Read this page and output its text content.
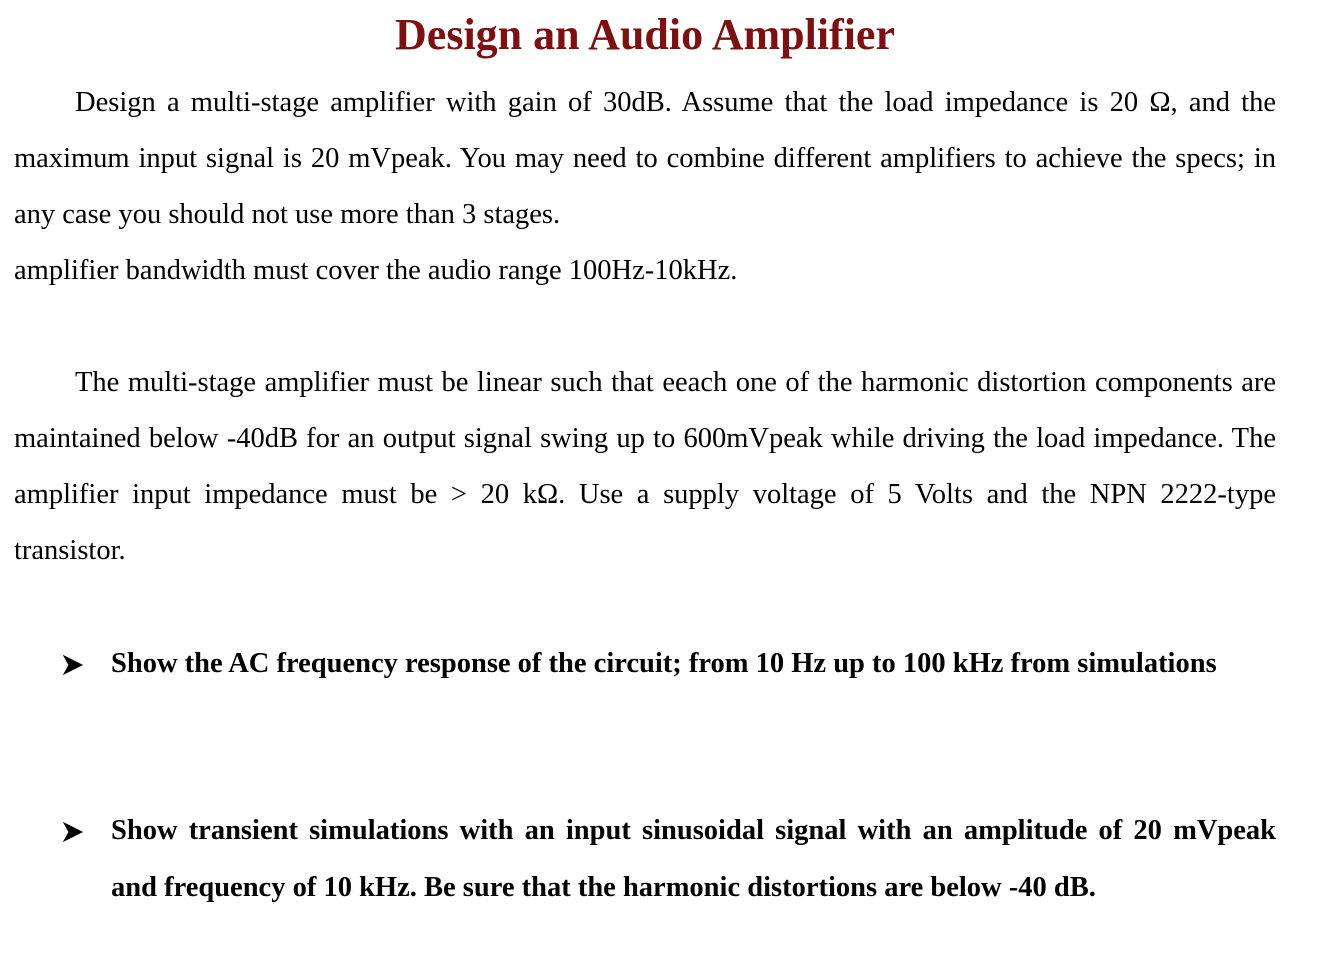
Design an Audio Amplifier

Design a multi-stage amplifier with gain of 30dB. Assume that the load impedance is 20 Ω, and the maximum input signal is 20 mVpeak. You may need to combine different amplifiers to achieve the specs; in any case you should not use more than 3 stages.

amplifier bandwidth must cover the audio range 100Hz-10kHz.

The multi-stage amplifier must be linear such that eeach one of the harmonic distortion components are maintained below -40dB for an output signal swing up to 600mVpeak while driving the load impedance. The amplifier input impedance must be > 20 kΩ. Use a supply voltage of 5 Volts and the NPN 2222-type transistor.

Show the AC frequency response of the circuit; from 10 Hz up to 100 kHz from simulations

Show transient simulations with an input sinusoidal signal with an amplitude of 20 mVpeak and frequency of 10 kHz. Be sure that the harmonic distortions are below -40 dB.
